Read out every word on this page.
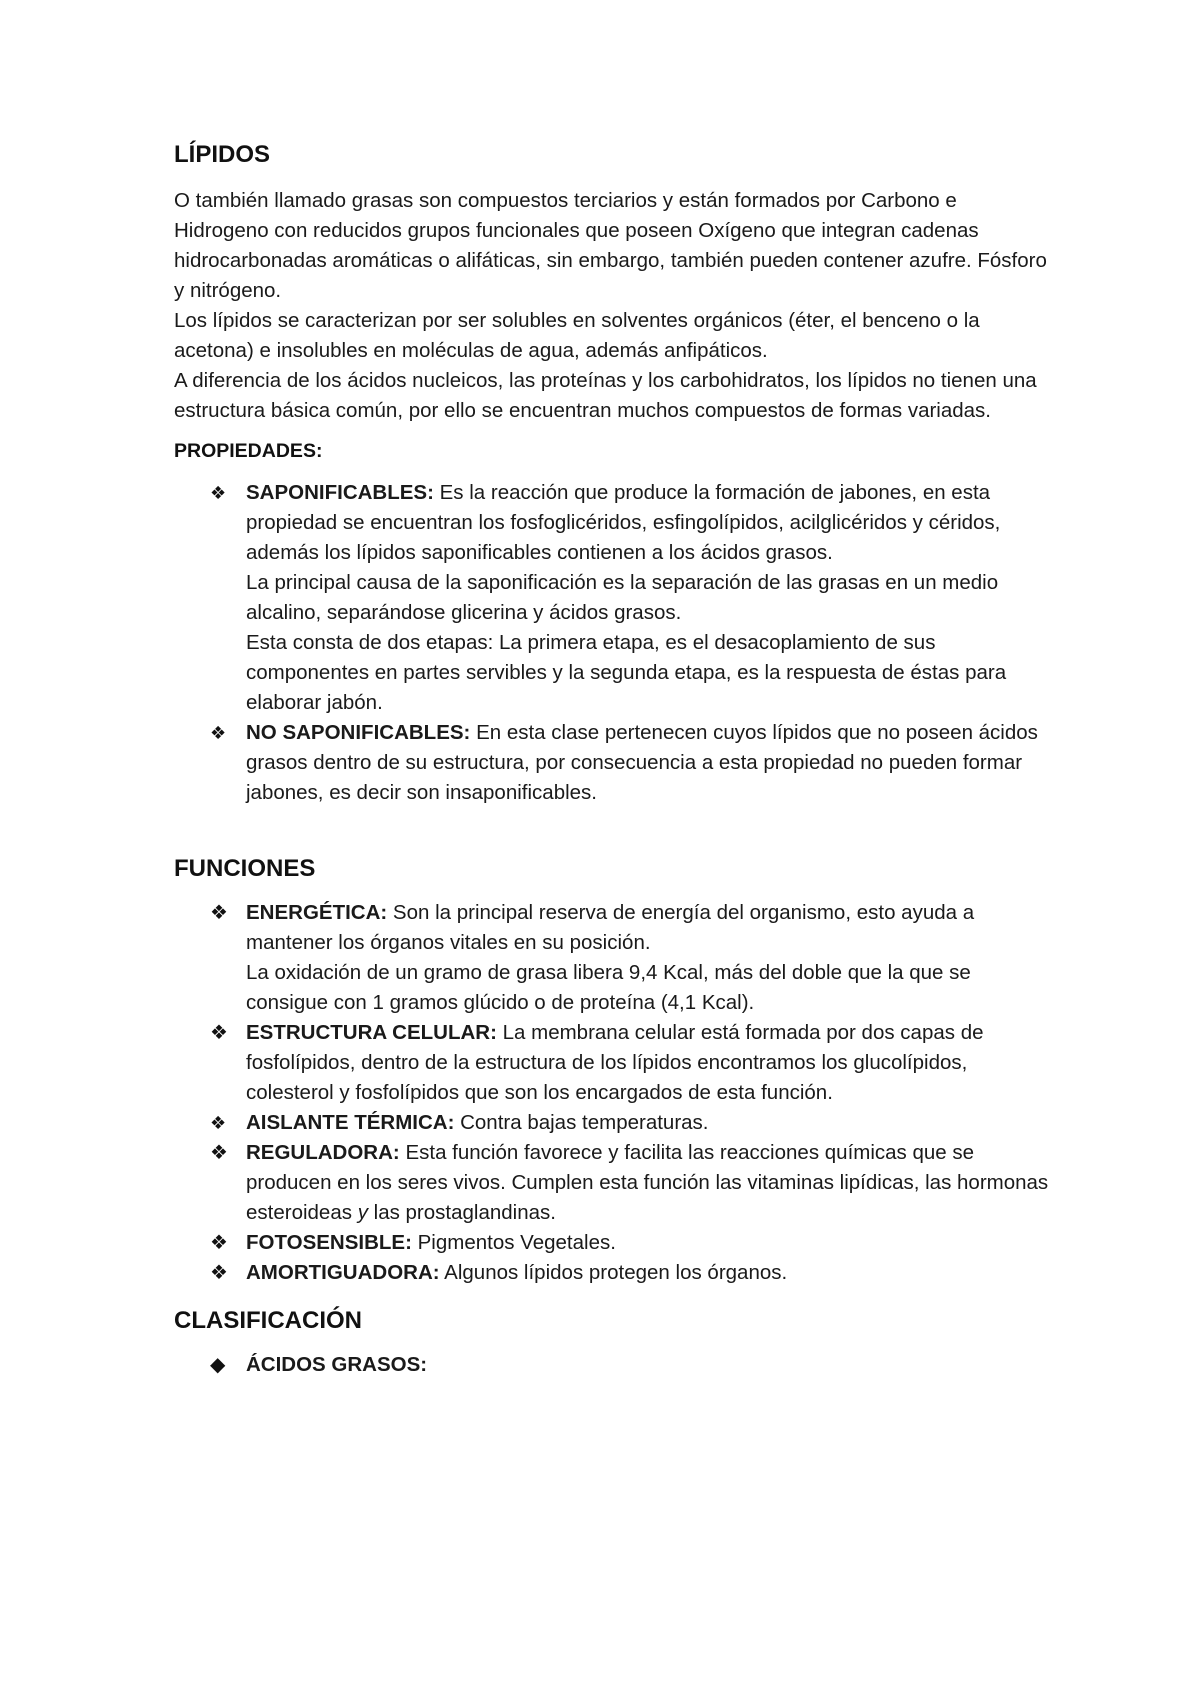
LÍPIDOS

O también llamado grasas son compuestos terciarios y están formados por Carbono e Hidrogeno con reducidos grupos funcionales que poseen Oxígeno que integran cadenas hidrocarbonadas aromáticas o alifáticas, sin embargo, también pueden contener azufre. Fósforo y nitrógeno.

Los lípidos se caracterizan por ser solubles en solventes orgánicos (éter, el benceno o la acetona) e insolubles en moléculas de agua, además anfipáticos.

A diferencia de los ácidos nucleicos, las proteínas y los carbohidratos, los lípidos no tienen una estructura básica común, por ello se encuentran muchos compuestos de formas variadas.

PROPIEDADES:
❖ SAPONIFICABLES: Es la reacción que produce la formación de jabones, en esta propiedad se encuentran los fosfoglicéridos, esfingolípidos, acilglicéridos y céridos, además los lípidos saponificables contienen a los ácidos grasos.
La principal causa de la saponificación es la separación de las grasas en un medio alcalino, separándose glicerina y ácidos grasos.
Esta consta de dos etapas: La primera etapa, es el desacoplamiento de sus componentes en partes servibles y la segunda etapa, es la respuesta de éstas para elaborar jabón.
❖ NO SAPONIFICABLES: En esta clase pertenecen cuyos lípidos que no poseen ácidos grasos dentro de su estructura, por consecuencia a esta propiedad no pueden formar jabones, es decir son insaponificables.
FUNCIONES
❖ ENERGÉTICA: Son la principal reserva de energía del organismo, esto ayuda a mantener los órganos vitales en su posición.
La oxidación de un gramo de grasa libera 9,4 Kcal, más del doble que la que se consigue con 1 gramos glúcido o de proteína (4,1 Kcal).
❖ ESTRUCTURA CELULAR: La membrana celular está formada por dos capas de fosfolípidos, dentro de la estructura de los lípidos encontramos los glucolípidos, colesterol y fosfolípidos que son los encargados de esta función.
❖ AISLANTE TÉRMICA: Contra bajas temperaturas.
❖ REGULADORA: Esta función favorece y facilita las reacciones químicas que se producen en los seres vivos. Cumplen esta función las vitaminas lipídicas, las hormonas esteroideas y las prostaglandinas.
❖ FOTOSENSIBLE: Pigmentos Vegetales.
❖ AMORTIGUADORA: Algunos lípidos protegen los órganos.
CLASIFICACIÓN
◆ ÁCIDOS GRASOS:
